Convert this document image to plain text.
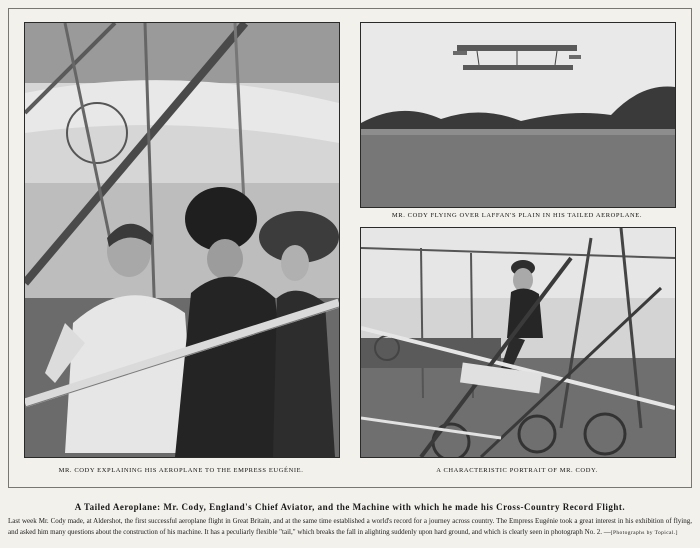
MR. CODY EXPLAINING HIS AEROPLANE TO THE EMPRESS EUGÉNIE.
MR. CODY FLYING OVER LAFFAN'S PLAIN IN HIS TAILED AEROPLANE.
A CHARACTERISTIC PORTRAIT OF MR. CODY.
A Tailed Aeroplane: Mr. Cody, England's Chief Aviator, and the Machine with which he made his Cross-Country Record Flight.
Last week Mr. Cody made, at Aldershot, the first successful aeroplane flight in Great Britain, and at the same time established a world's record for a journey across country. The Empress Eugénie took a great interest in his exhibition of flying, and asked him many questions about the construction of his machine. It has a peculiarly flexible "tail," which breaks the fall in alighting suddenly upon hard ground, and which is clearly seen in photograph No. 2. —[Photographs by Topical.]
